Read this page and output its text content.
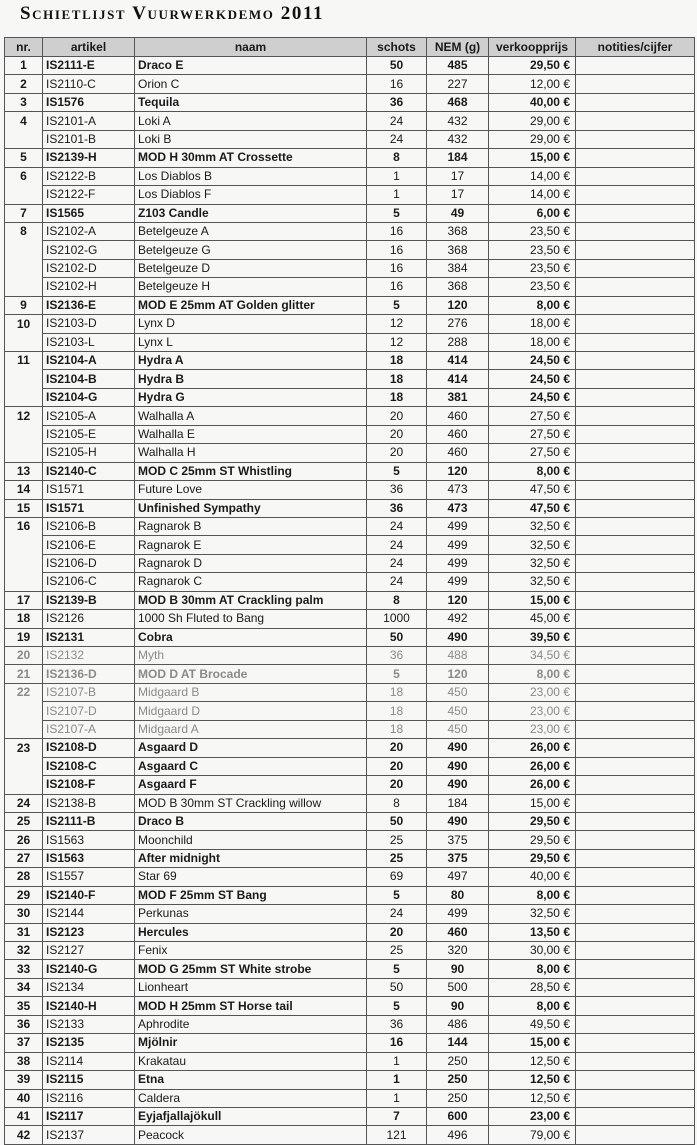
Schietlijst Vuurwerkdemo 2011
nr.	artikel	naam	schots	NEM (g)	verkoopprijs	notities/cijfer
1	IS2111-E	Draco E	50	485	29,50 €	
2	IS2110-C	Orion C	16	227	12,00 €	
3	IS1576	Tequila	36	468	40,00 €	
4	IS2101-A	Loki A	24	432	29,00 €	
	IS2101-B	Loki B	24	432	29,00 €	
5	IS2139-H	MOD H 30mm AT Crossette	8	184	15,00 €	
6	IS2122-B	Los Diablos B	1	17	14,00 €	
	IS2122-F	Los Diablos F	1	17	14,00 €	
7	IS1565	Z103 Candle	5	49	6,00 €	
8	IS2102-A	Betelgeuze A	16	368	23,50 €	
	IS2102-G	Betelgeuze G	16	368	23,50 €	
	IS2102-D	Betelgeuze D	16	384	23,50 €	
	IS2102-H	Betelgeuze H	16	368	23,50 €	
9	IS2136-E	MOD E 25mm AT Golden glitter	5	120	8,00 €	
10	IS2103-D	Lynx D	12	276	18,00 €	
	IS2103-L	Lynx L	12	288	18,00 €	
11	IS2104-A	Hydra A	18	414	24,50 €	
	IS2104-B	Hydra B	18	414	24,50 €	
	IS2104-G	Hydra G	18	381	24,50 €	
12	IS2105-A	Walhalla A	20	460	27,50 €	
	IS2105-E	Walhalla E	20	460	27,50 €	
	IS2105-H	Walhalla H	20	460	27,50 €	
13	IS2140-C	MOD C 25mm ST Whistling	5	120	8,00 €	
14	IS1571	Future Love	36	473	47,50 €	
15	IS1571	Unfinished Sympathy	36	473	47,50 €	
16	IS2106-B	Ragnarok B	24	499	32,50 €	
	IS2106-E	Ragnarok E	24	499	32,50 €	
	IS2106-D	Ragnarok D	24	499	32,50 €	
	IS2106-C	Ragnarok C	24	499	32,50 €	
17	IS2139-B	MOD B 30mm AT Crackling palm	8	120	15,00 €	
18	IS2126	1000 Sh Fluted to Bang	1000	492	45,00 €	
19	IS2131	Cobra	50	490	39,50 €	
20	IS2132	Myth	36	488	34,50 €	
21	IS2136-D	MOD D AT Brocade	5	120	8,00 €	
22	IS2107-B	Midgaard B	18	450	23,00 €	
	IS2107-D	Midgaard D	18	450	23,00 €	
	IS2107-A	Midgaard A	18	450	23,00 €	
23	IS2108-D	Asgaard D	20	490	26,00 €	
	IS2108-C	Asgaard C	20	490	26,00 €	
	IS2108-F	Asgaard F	20	490	26,00 €	
24	IS2138-B	MOD B 30mm ST Crackling willow	8	184	15,00 €	
25	IS2111-B	Draco B	50	490	29,50 €	
26	IS1563	Moonchild	25	375	29,50 €	
27	IS1563	After midnight	25	375	29,50 €	
28	IS1557	Star 69	69	497	40,00 €	
29	IS2140-F	MOD F 25mm ST Bang	5	80	8,00 €	
30	IS2144	Perkunas	24	499	32,50 €	
31	IS2123	Hercules	20	460	13,50 €	
32	IS2127	Fenix	25	320	30,00 €	
33	IS2140-G	MOD G 25mm ST White strobe	5	90	8,00 €	
34	IS2134	Lionheart	50	500	28,50 €	
35	IS2140-H	MOD H 25mm ST Horse tail	5	90	8,00 €	
36	IS2133	Aphrodite	36	486	49,50 €	
37	IS2135	Mjölnir	16	144	15,00 €	
38	IS2114	Krakatau	1	250	12,50 €	
39	IS2115	Etna	1	250	12,50 €	
40	IS2116	Caldera	1	250	12,50 €	
41	IS2117	Eyjafjallajökull	7	600	23,00 €	
42	IS2137	Peacock	121	496	79,00 €	
